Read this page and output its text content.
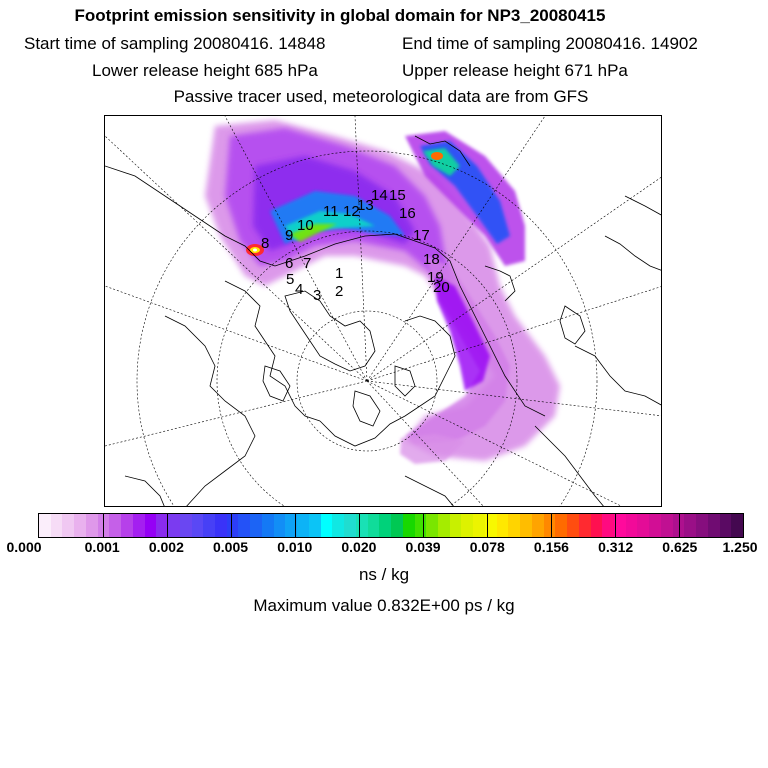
Footprint emission sensitivity in global domain for NP3_20080415
Start time of sampling 20080416. 14848	End time of sampling 20080416. 14902
Lower release height 685 hPa	Upper release height 671 hPa
Passive tracer used, meteorological data are from GFS
1
2
3
4
5
6 7
8 9
10
11 12
13
14 15
16
17
18
19
20
0.000	0.001 0.002 0.005 0.010 0.020 0.039 0.078 0.156 0.312 0.625 1.250
ns / kg
Maximum value 0.832E+00 ps / kg
